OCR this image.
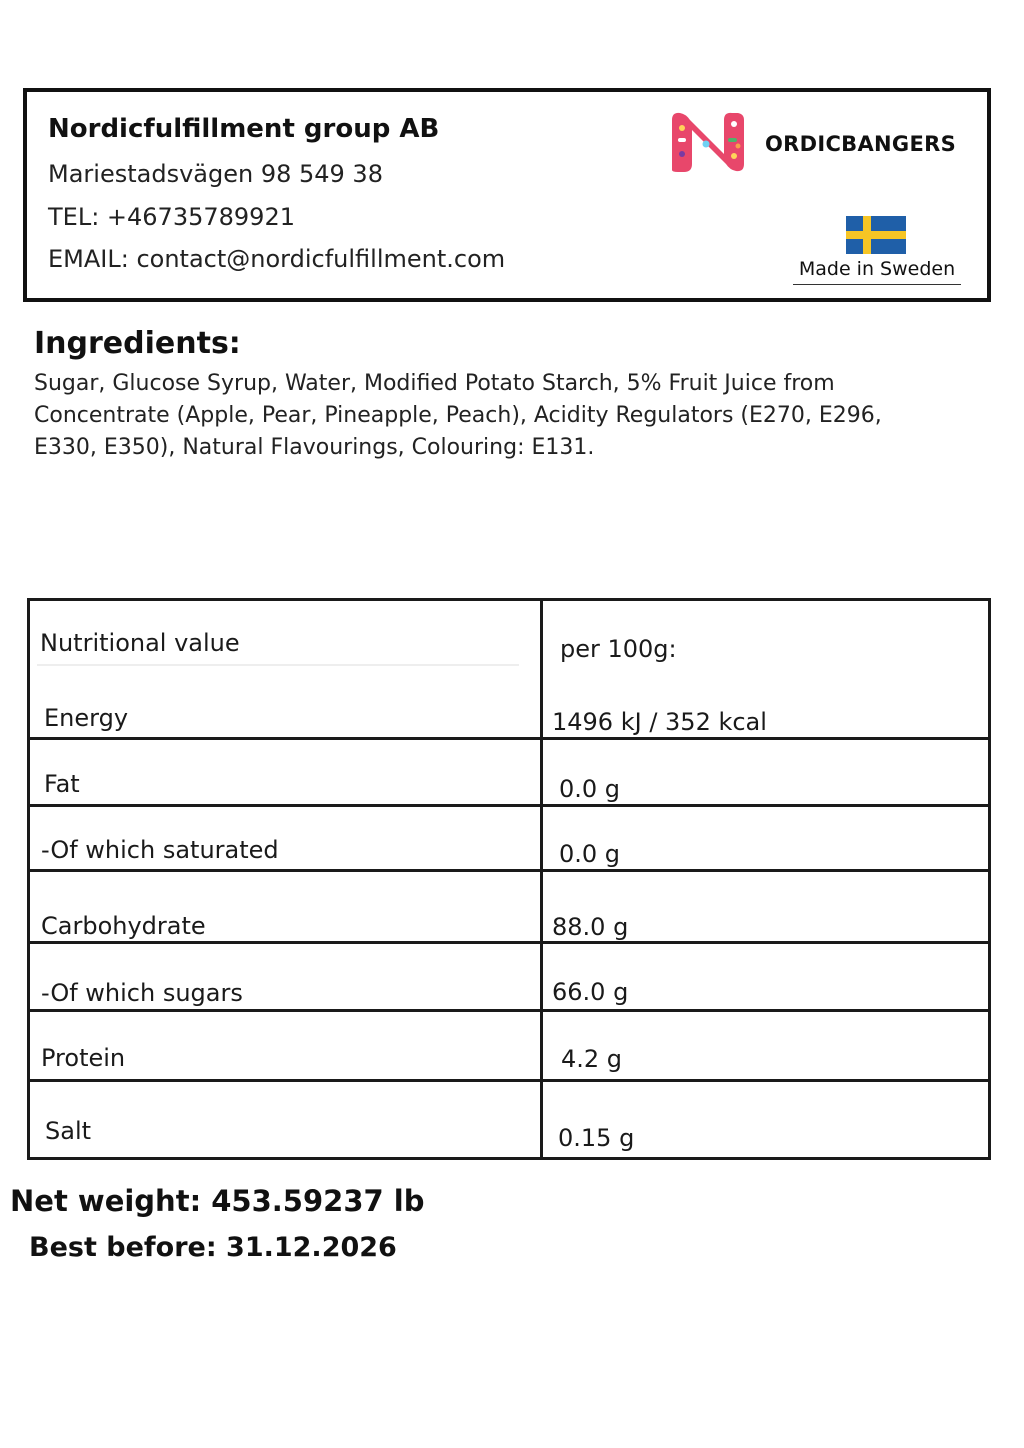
Nordicfulfillment group AB
Mariestadsvägen 98 549 38
TEL: +46735789921
EMAIL: contact@nordicfulfillment.com
ORDICBANGERS
Made in Sweden
Ingredients:
Sugar, Glucose Syrup, Water, Modified Potato Starch, 5% Fruit Juice from Concentrate (Apple, Pear, Pineapple, Peach), Acidity Regulators (E270, E296, E330, E350), Natural Flavourings, Colouring: E131.
Nutritional value	per 100g:
Energy	1496 kJ / 352 kcal
Fat	0.0 g
-Of which saturated	0.0 g
Carbohydrate	88.0 g
-Of which sugars	66.0 g
Protein	4.2 g
Salt	0.15 g
Net weight: 453.59237 lb
Best before: 31.12.2026
